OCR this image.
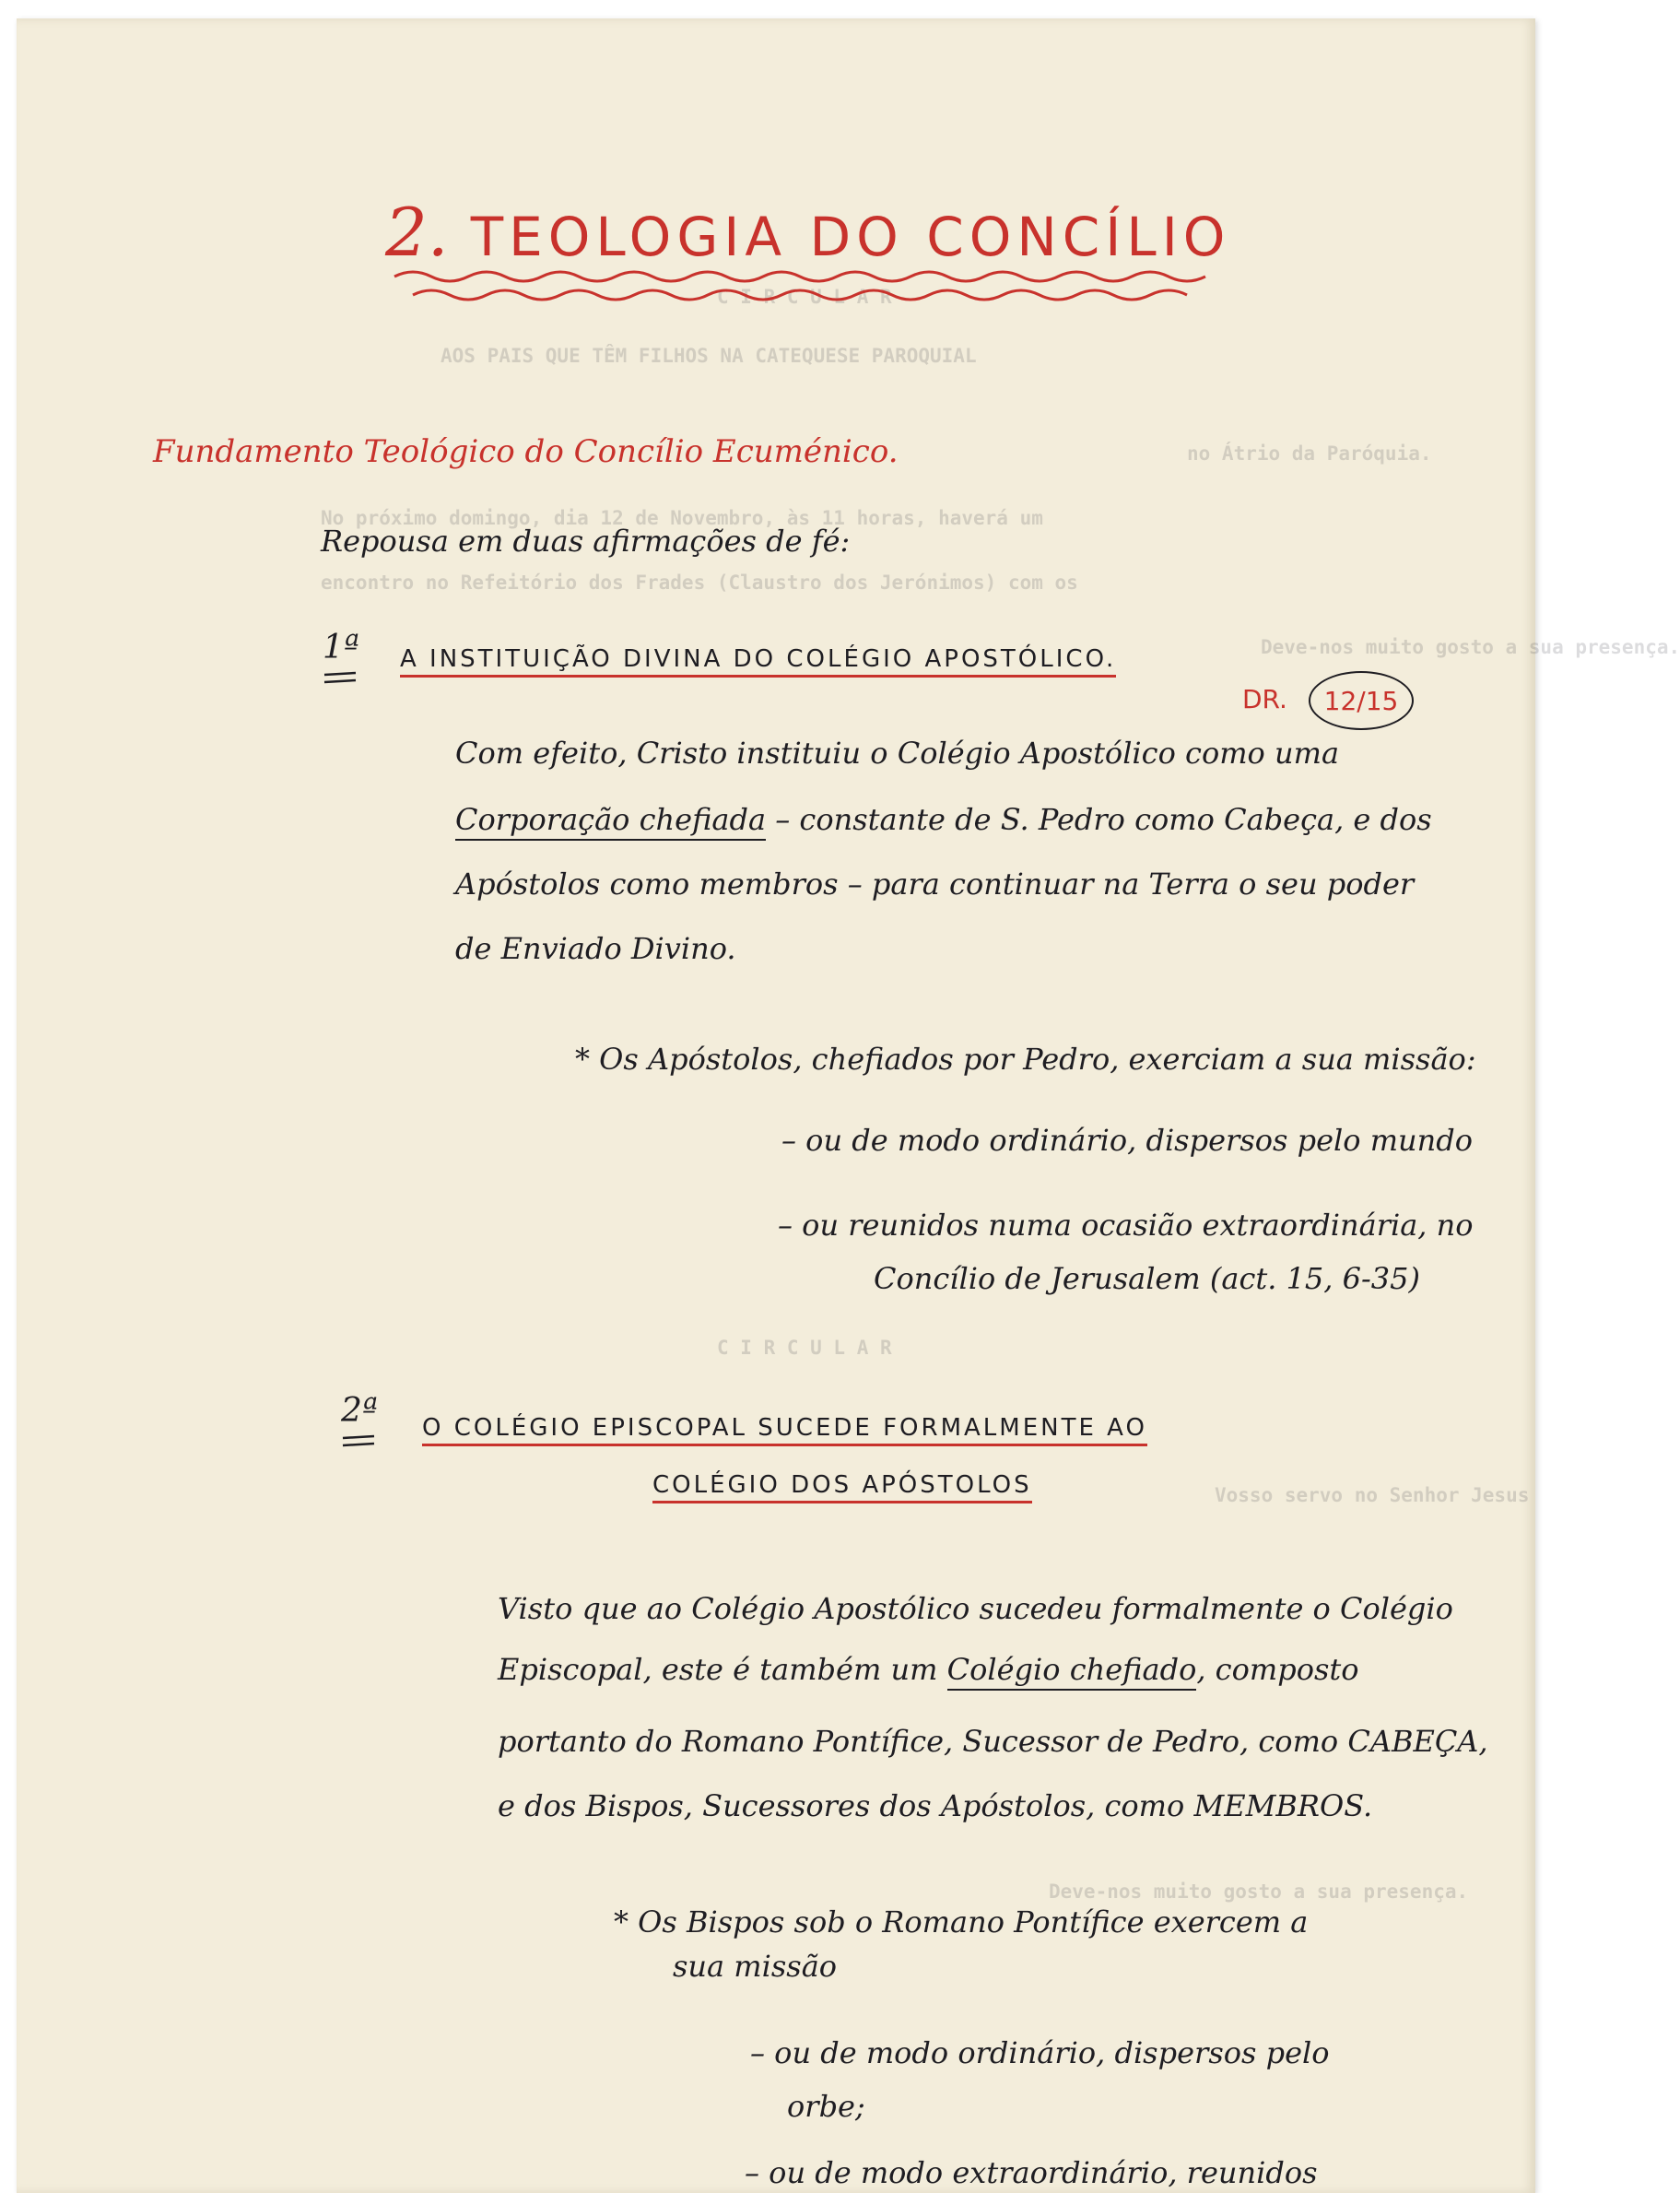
C I R C U L A R
AOS PAIS QUE TÊM FILHOS NA CATEQUESE PAROQUIAL
no Átrio da Paróquia.
No próximo domingo, dia 12 de Novembro, às 11 horas, haverá um
encontro no Refeitório dos Frades (Claustro dos Jerónimos) com os
Deve-nos muito gosto a sua presença.
C I R C U L A R
Vosso servo no Senhor Jesus
Deve-nos muito gosto a sua presença.
2. TEOLOGIA DO CONCÍLIO
Fundamento Teológico do Concílio Ecuménico.
Repousa em duas afirmações de fé:
1ª A INSTITUIÇÃO DIVINA DO COLÉGIO APOSTÓLICO.
DR.	12/15
Com efeito, Cristo instituiu o Colégio Apostólico como uma
Corporação chefiada – constante de S. Pedro como Cabeça, e dos
Apóstolos como membros – para continuar na Terra o seu poder
de Enviado Divino.
* Os Apóstolos, chefiados por Pedro, exerciam a sua missão:
– ou de modo ordinário, dispersos pelo mundo
– ou reunidos numa ocasião extraordinária, no
Concílio de Jerusalem (act. 15, 6-35)
2ª O COLÉGIO EPISCOPAL SUCEDE FORMALMENTE AO
COLÉGIO DOS APÓSTOLOS
Visto que ao Colégio Apostólico sucedeu formalmente o Colégio
Episcopal, este é também um Colégio chefiado, composto
portanto do Romano Pontífice, Sucessor de Pedro, como CABEÇA,
e dos Bispos, Sucessores dos Apóstolos, como MEMBROS.
* Os Bispos sob o Romano Pontífice exercem a
sua missão
– ou de modo ordinário, dispersos pelo
orbe;
– ou de modo extraordinário, reunidos
